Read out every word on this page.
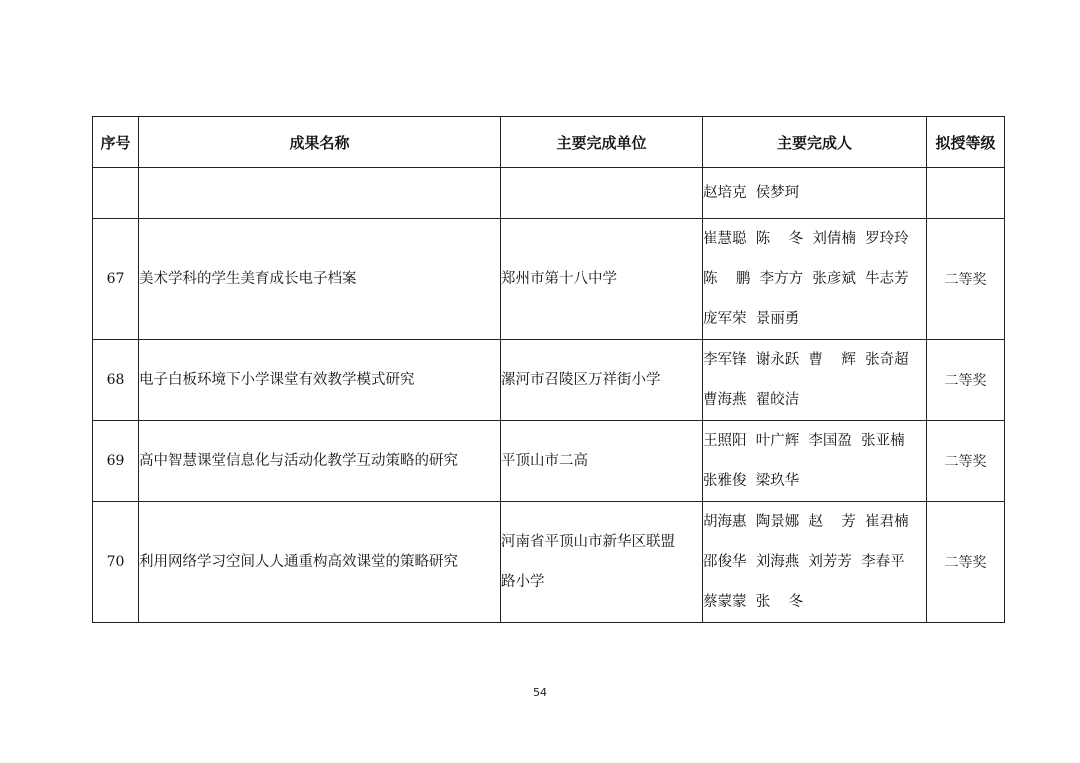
序号	成果名称	主要完成单位	主要完成人	拟授等级

			赵培克  侯梦珂	

67	美术学科的学生美育成长电子档案	郑州市第十八中学	崔慧聪  陈    冬  刘倩楠  罗玲玲
陈    鹏  李方方  张彦斌  牛志芳
庞军荣  景丽勇	二等奖
68	电子白板环境下小学课堂有效教学模式研究	漯河市召陵区万祥街小学	李军锋  谢永跃  曹    辉  张奇超
曹海燕  翟皎洁	二等奖
69	高中智慧课堂信息化与活动化教学互动策略的研究	平顶山市二高	王照阳  叶广辉  李国盈  张亚楠
张雅俊  梁玖华	二等奖
70	利用网络学习空间人人通重构高效课堂的策略研究	河南省平顶山市新华区联盟
路小学	胡海惠  陶景娜  赵    芳  崔君楠
邵俊华  刘海燕  刘芳芳  李春平
蔡蒙蒙  张    冬	二等奖
54
